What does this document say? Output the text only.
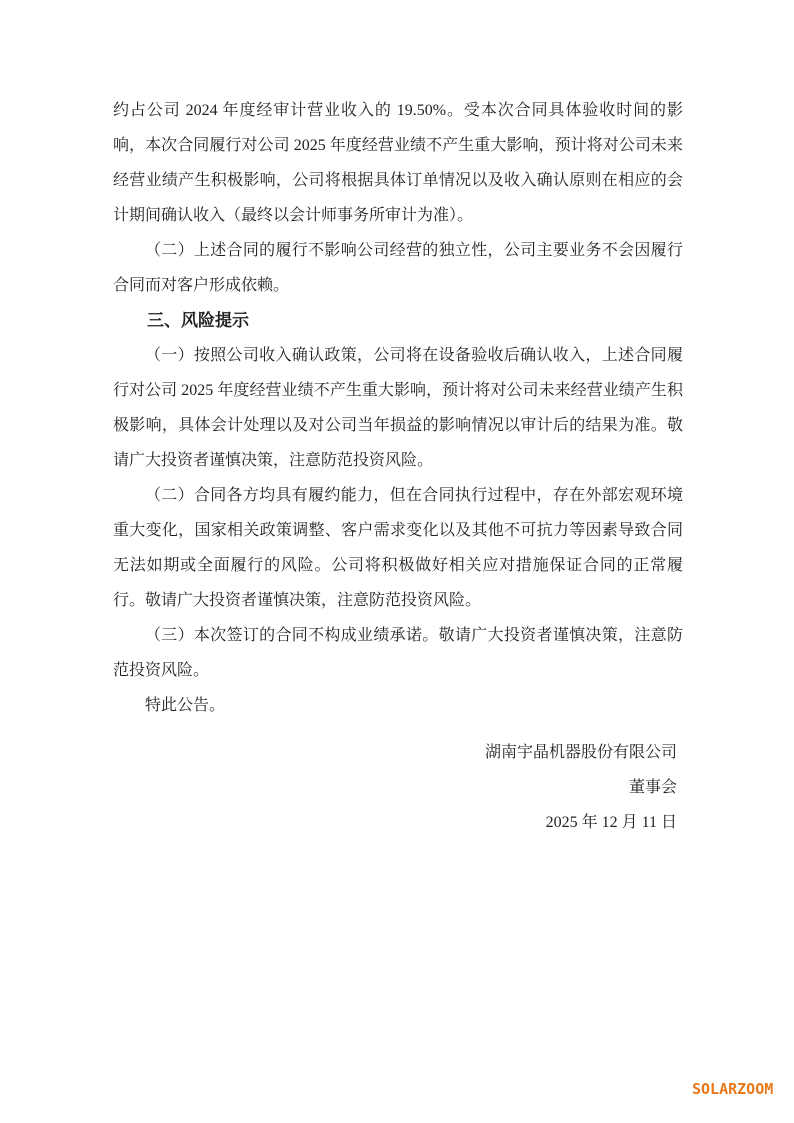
约占公司 2024 年度经审计营业收入的 19.50%。受本次合同具体验收时间的影响，本次合同履行对公司 2025 年度经营业绩不产生重大影响，预计将对公司未来经营业绩产生积极影响，公司将根据具体订单情况以及收入确认原则在相应的会计期间确认收入（最终以会计师事务所审计为准）。

（二）上述合同的履行不影响公司经营的独立性，公司主要业务不会因履行合同而对客户形成依赖。

三、风险提示

（一）按照公司收入确认政策，公司将在设备验收后确认收入，上述合同履行对公司 2025 年度经营业绩不产生重大影响，预计将对公司未来经营业绩产生积极影响，具体会计处理以及对公司当年损益的影响情况以审计后的结果为准。敬请广大投资者谨慎决策，注意防范投资风险。

（二）合同各方均具有履约能力，但在合同执行过程中，存在外部宏观环境重大变化，国家相关政策调整、客户需求变化以及其他不可抗力等因素导致合同无法如期或全面履行的风险。公司将积极做好相关应对措施保证合同的正常履行。敬请广大投资者谨慎决策，注意防范投资风险。

（三）本次签订的合同不构成业绩承诺。敬请广大投资者谨慎决策，注意防范投资风险。

特此公告。

湖南宇晶机器股份有限公司

董事会

2025 年 12 月 11 日

SOLARZOOM
